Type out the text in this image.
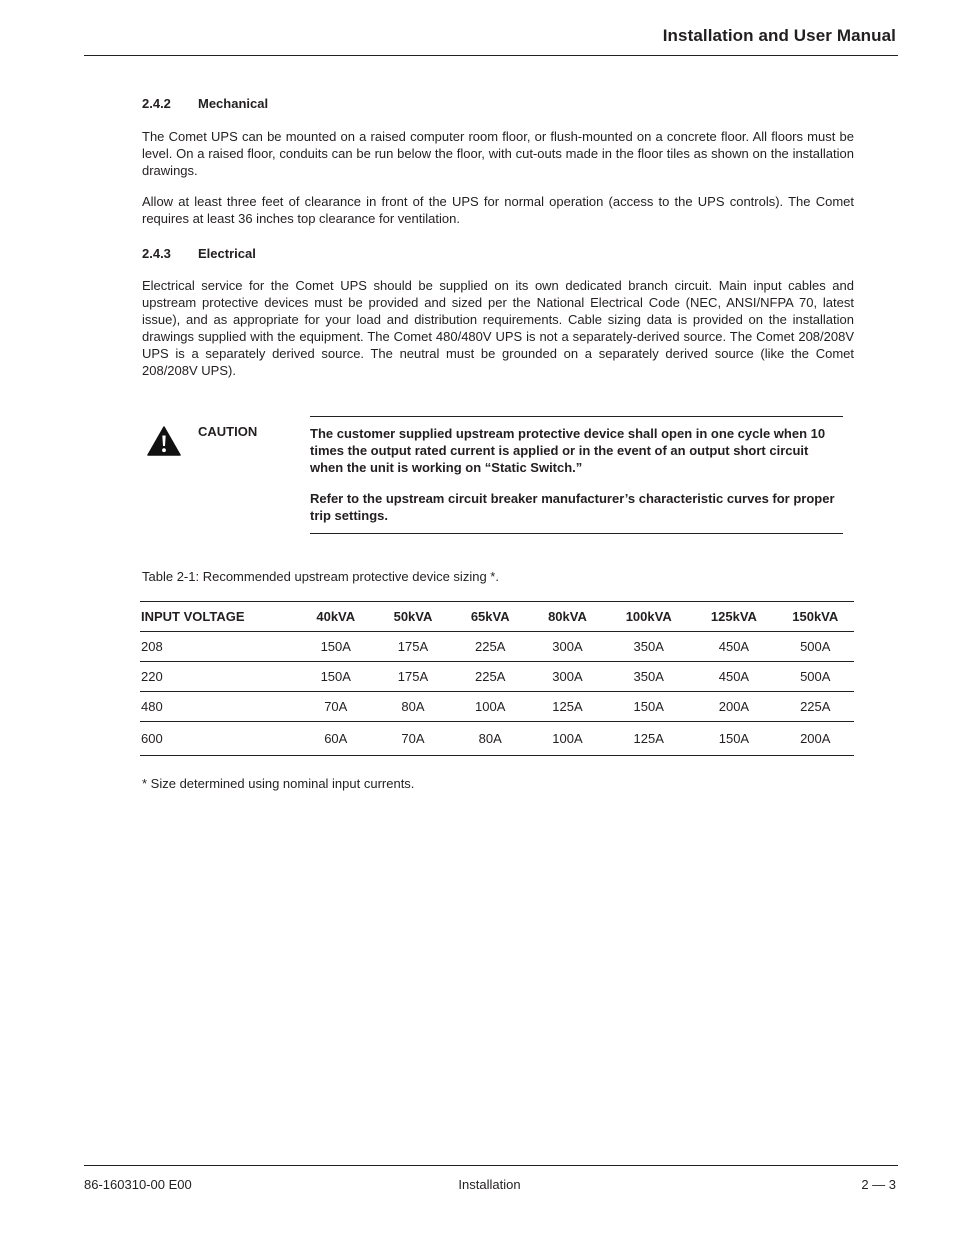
Installation and User Manual
2.4.2 Mechanical

The Comet UPS can be mounted on a raised computer room floor, or flush-mounted on a concrete floor. All floors must be level. On a raised floor, conduits can be run below the floor, with cut-outs made in the floor tiles as shown on the installation drawings.

Allow at least three feet of clearance in front of the UPS for normal operation (access to the UPS controls). The Comet requires at least 36 inches top clearance for ventilation.

2.4.3 Electrical

Electrical service for the Comet UPS should be supplied on its own dedicated branch circuit. Main input cables and upstream protective devices must be provided and sized per the National Electrical Code (NEC, ANSI/NFPA 70, latest issue), and as appropriate for your load and distribution requirements. Cable sizing data is provided on the installation drawings supplied with the equipment. The Comet 480/480V UPS is not a separately-derived source. The Comet 208/208V UPS is a separately derived source. The neutral must be grounded on a separately derived source (like the Comet 208/208V UPS).

CAUTION	The customer supplied upstream protective device shall open in one cycle when 10 times the output rated current is applied or in the event of an output short circuit when the unit is working on “Static Switch.”

Refer to the upstream circuit breaker manufacturer’s characteristic curves for proper trip settings.

Table 2-1: Recommended upstream protective device sizing *.

INPUT VOLTAGE	40kVA	50kVA	65kVA	80kVA	100kVA	125kVA	150kVA
208	150A	175A	225A	300A	350A	450A	500A
220	150A	175A	225A	300A	350A	450A	500A
480	70A	80A	100A	125A	150A	200A	225A
600	60A	70A	80A	100A	125A	150A	200A

* Size determined using nominal input currents.

86-160310-00 E00	Installation	2 — 3
